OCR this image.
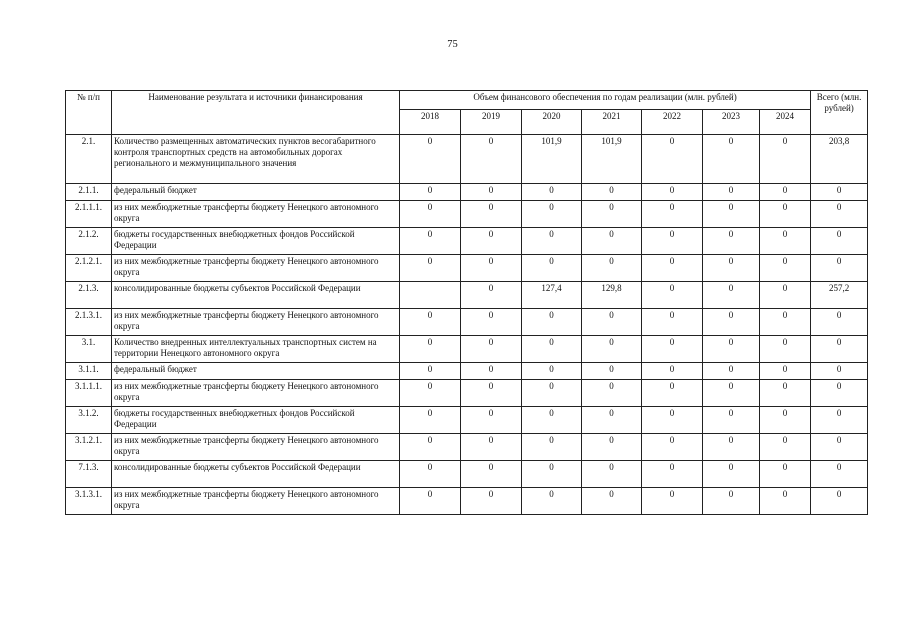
75
№ п/п	Наименование результата и источники финансирования	Объем финансового обеспечения по годам реализации (млн. рублей)							Всего (млн. рублей)
		2018	2019	2020	2021	2022	2023	2024	
2.1.	Количество размещенных автоматических пунктов весогабаритного контроля транспортных средств на автомобильных дорогах регионального и межмуниципального значения	0	0	101,9	101,9	0	0	0	203,8
2.1.1.	федеральный бюджет	0	0	0	0	0	0	0	0
2.1.1.1.	из них межбюджетные трансферты бюджету Ненецкого автономного округа	0	0	0	0	0	0	0	0
2.1.2.	бюджеты государственных внебюджетных фондов Российской Федерации	0	0	0	0	0	0	0	0
2.1.2.1.	из них межбюджетные трансферты бюджету Ненецкого автономного округа	0	0	0	0	0	0	0	0
2.1.3.	консолидированные бюджеты субъектов Российской Федерации		0	127,4	129,8	0	0	0	257,2
2.1.3.1.	из них межбюджетные трансферты бюджету Ненецкого автономного округа	0	0	0	0	0	0	0	0
3.1.	Количество внедренных интеллектуальных транспортных систем на территории Ненецкого автономного округа	0	0	0	0	0	0	0	0
3.1.1.	федеральный бюджет	0	0	0	0	0	0	0	0
3.1.1.1.	из них межбюджетные трансферты бюджету Ненецкого автономного округа	0	0	0	0	0	0	0	0
3.1.2.	бюджеты государственных внебюджетных фондов Российской Федерации	0	0	0	0	0	0	0	0
3.1.2.1.	из них межбюджетные трансферты бюджету Ненецкого автономного округа	0	0	0	0	0	0	0	0
7.1.3.	консолидированные бюджеты субъектов Российской Федерации	0	0	0	0	0	0	0	0
3.1.3.1.	из них межбюджетные трансферты бюджету Ненецкого автономного округа	0	0	0	0	0	0	0	0
